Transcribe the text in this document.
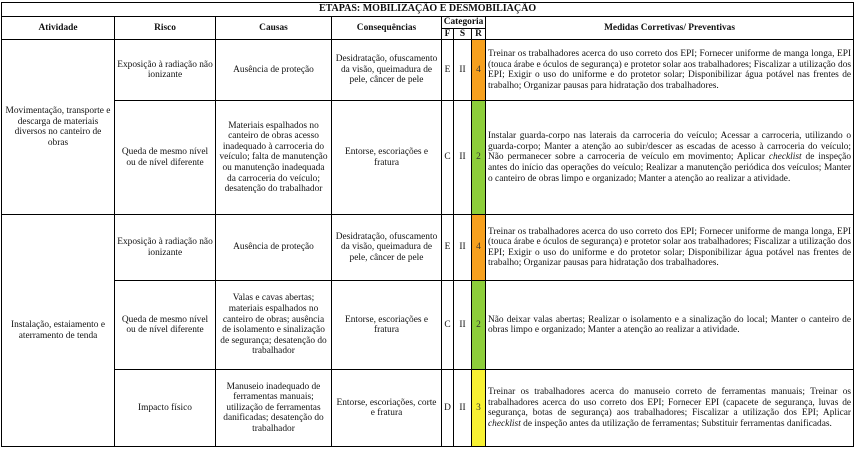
ETAPAS: MOBILIZAÇÃO E DESMOBILIAÇÃO							
Atividade	Risco	Causas	Consequências	Categoria			Medidas Corretivas/ Preventivas
				F	S	R	
Movimentação, transporte e descarga de materiais diversos no canteiro de obras	Exposição à radiação não ionizante	Ausência de proteção	Desidratação, ofuscamento da visão, queimadura de pele, câncer de pele	E	II	4	Treinar os trabalhadores acerca do uso correto dos EPI; Fornecer uniforme de manga longa, EPI (touca árabe e óculos de segurança) e protetor solar aos trabalhadores; Fiscalizar a utilização dos EPI; Exigir o uso do uniforme e do protetor solar; Disponibilizar água potável nas frentes de trabalho; Organizar pausas para hidratação dos trabalhadores.
	Queda de mesmo nível ou de nível diferente	Materiais espalhados no canteiro de obras acesso inadequado à carroceria do veículo; falta de manutenção ou manutenção inadequada da carroceria do veículo; desatenção do trabalhador	Entorse, escoriações e fratura	C	II	2	Instalar guarda-corpo nas laterais da carroceria do veículo; Acessar a carroceria, utilizando o guarda-corpo; Manter a atenção ao subir/descer as escadas de acesso à carroceria do veículo; Não permanecer sobre a carroceria de veículo em movimento; Aplicar checklist de inspeção antes do início das operações do veículo; Realizar a manutenção periódica dos veículos; Manter o canteiro de obras limpo e organizado; Manter a atenção ao realizar a atividade.
Instalação, estaiamento e aterramento de tenda	Exposição à radiação não ionizante	Ausência de proteção	Desidratação, ofuscamento da visão, queimadura de pele, câncer de pele	E	II	4	Treinar os trabalhadores acerca do uso correto dos EPI; Fornecer uniforme de manga longa, EPI (touca árabe e óculos de segurança) e protetor solar aos trabalhadores; Fiscalizar a utilização dos EPI; Exigir o uso do uniforme e do protetor solar; Disponibilizar água potável nas frentes de trabalho; Organizar pausas para hidratação dos trabalhadores.
	Queda de mesmo nível ou de nível diferente	Valas e cavas abertas; materiais espalhados no canteiro de obras; ausência de isolamento e sinalização de segurança; desatenção do trabalhador	Entorse, escoriações e fratura	C	II	2	Não deixar valas abertas; Realizar o isolamento e a sinalização do local; Manter o canteiro de obras limpo e organizado; Manter a atenção ao realizar a atividade.
	Impacto físico	Manuseio inadequado de ferramentas manuais; utilização de ferramentas danificadas; desatenção do trabalhador	Entorse, escoriações, corte e fratura	D	II	3	Treinar os trabalhadores acerca do manuseio correto de ferramentas manuais; Treinar os trabalhadores acerca do uso correto dos EPI; Fornecer EPI (capacete de segurança, luvas de segurança, botas de segurança) aos trabalhadores; Fiscalizar a utilização dos EPI; Aplicar checklist de inspeção antes da utilização de ferramentas; Substituir ferramentas danificadas.
